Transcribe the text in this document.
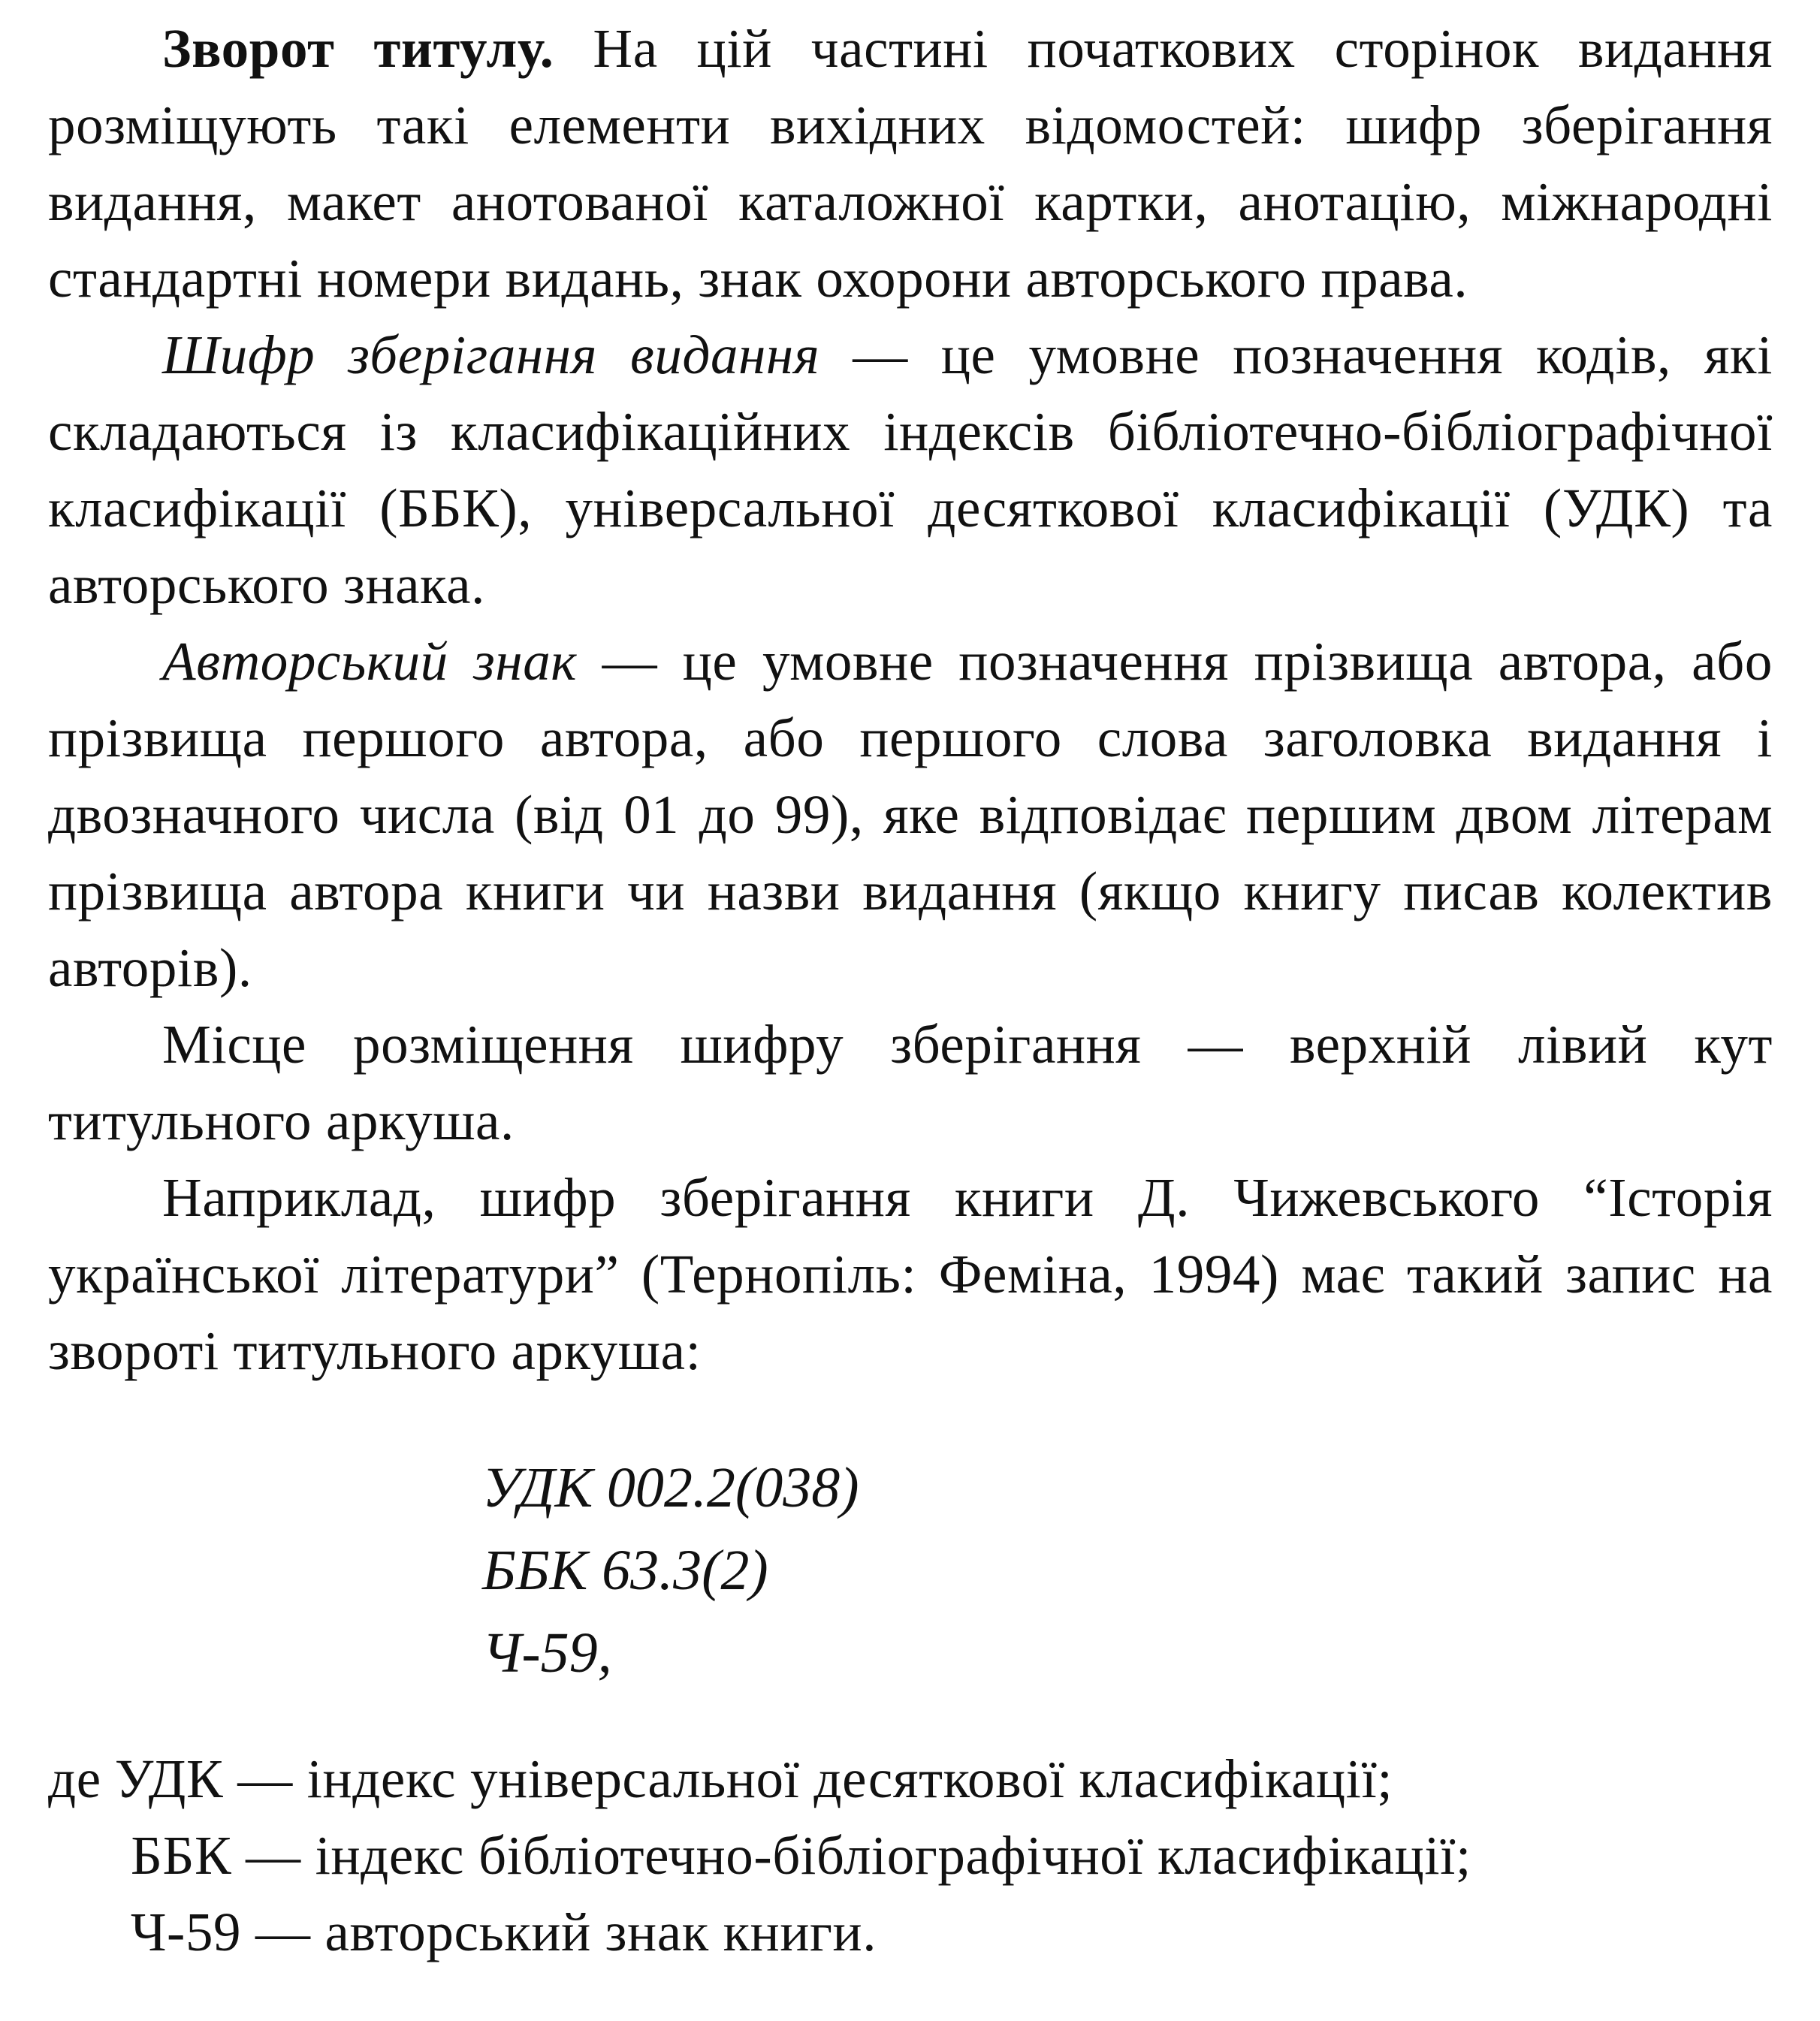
Зворот титулу. На цій частині початкових сторінок видання розміщують такі елементи вихідних відомостей: шифр зберігання видання, макет анотованої каталожної картки, анотацію, міжнародні стандартні номери видань, знак охорони авторського права.

Шифр зберігання видання — це умовне позначення кодів, які складаються із класифікаційних індексів бібліотечно-бібліографічної класифікації (ББК), універсальної десяткової класифікації (УДК) та авторського знака.

Авторський знак — це умовне позначення прізвища автора, або прізвища першого автора, або першого слова заголовка видання і двозначного числа (від 01 до 99), яке відповідає першим двом літерам прізвища автора книги чи назви видання (якщо книгу писав колектив авторів).

Місце розміщення шифру зберігання — верхній лівий кут титульного аркуша.

Наприклад, шифр зберігання книги Д. Чижевського “Історія української літератури” (Тернопіль: Феміна, 1994) має такий запис на звороті титульного аркуша:

УДК 002.2(038)
ББК 63.3(2)
Ч-59,
де УДК — індекс універсальної десяткової класифікації;
ББК — індекс бібліотечно-бібліографічної класифікації;
Ч-59 — авторський знак книги.
